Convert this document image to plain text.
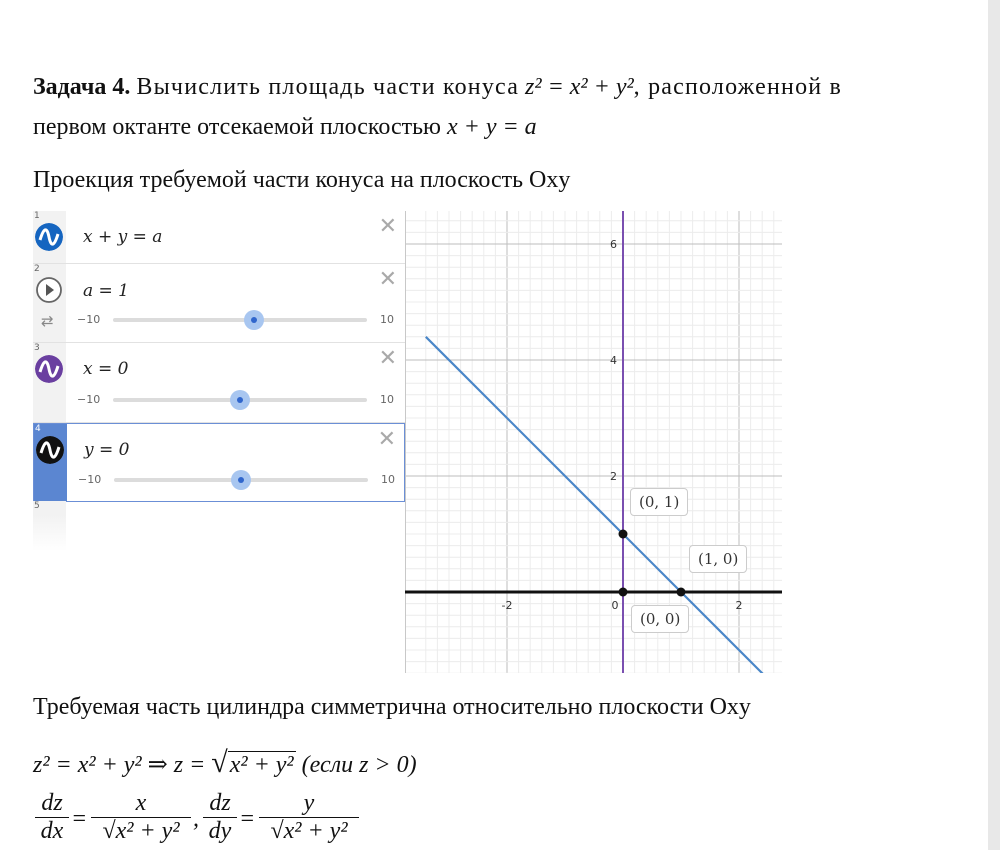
Задача 4. Вычислить площадь части конуса z² = x² + y², расположенной в
первом октанте отсекаемой плоскостью x + y = a
Проекция требуемой части конуса на плоскость Oxy
1
x + y = a	✕
2
⇄
a = 1	✕
−10	10
3
x = 0	✕
−10	10
4
y = 0	✕
−10	10
5
-2	0	2
2
4
6
(0, 1)
(1, 0)
(0, 0)
Требуемая часть цилиндра симметрична относительно плоскости Oxy
z² = x² + y² ⇒ z = √x² + y² (если z > 0)
$\frac{dz}{dx} = \frac{x}{\text{√x² + y²}}$ , $\frac{dz}{dy} = \frac{y}{\text{√x² + y²}}$
